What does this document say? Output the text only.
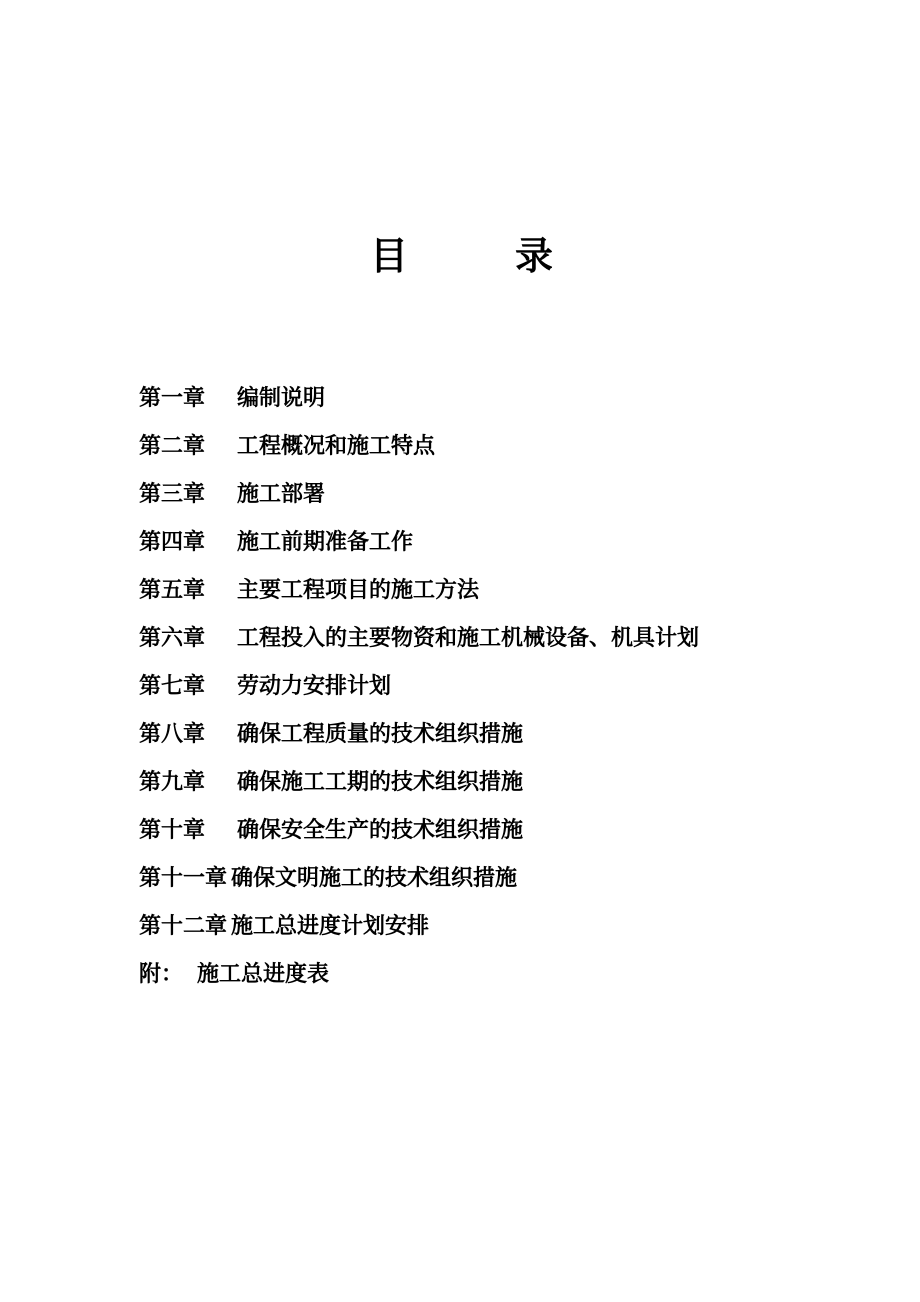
目	录
第一章 编制说明
第二章 工程概况和施工特点
第三章 施工部署
第四章 施工前期准备工作
第五章 主要工程项目的施工方法
第六章 工程投入的主要物资和施工机械设备、机具计划
第七章 劳动力安排计划
第八章 确保工程质量的技术组织措施
第九章 确保施工工期的技术组织措施
第十章 确保安全生产的技术组织措施
第十一章 确保文明施工的技术组织措施
第十二章 施工总进度计划安排
附： 施工总进度表
